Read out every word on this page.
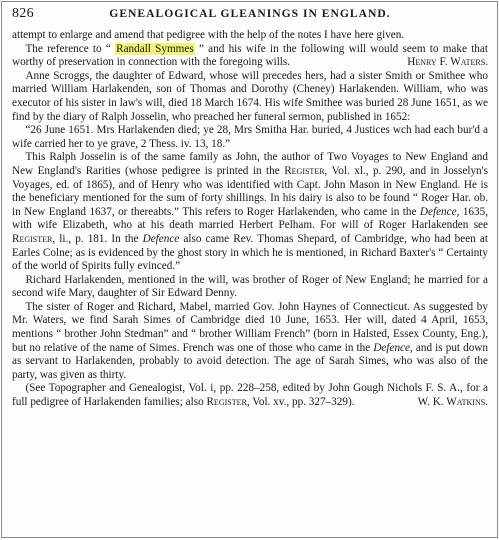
826	GENEALOGICAL GLEANINGS IN ENGLAND.

attempt to enlarge and amend that pedigree with the help of the notes I have here given.

The reference to “ Randall Symmes ” and his wife in the following will would seem to make that worthy of preservation in connection with the foregoing wills.	Henry F. Waters.

Anne Scroggs, the daughter of Edward, whose will precedes hers, had a sister Smith or Smithee who married William Harlakenden, son of Thomas and Dorothy (Cheney) Harlakenden. William, who was executor of his sister in law's will, died 18 March 1674. His wife Smithee was buried 28 June 1651, as we find by the diary of Ralph Josselin, who preached her funeral sermon, published in 1652:

“26 June 1651. Mrs Harlakenden died; ye 28, Mrs Smitha Har. buried, 4 Justices wch had each bur'd a wife carried her to ye grave, 2 Thess. iv. 13, 18.”

This Ralph Josselin is of the same family as John, the author of Two Voyages to New England and New England's Rarities (whose pedigree is printed in the Register, Vol. xl., p. 290, and in Josselyn's Voyages, ed. of 1865), and of Henry who was identified with Capt. John Mason in New England. He is the beneficiary mentioned for the sum of forty shillings. In his dairy is also to be found “ Roger Har. ob. in New England 1637, or thereabts.” This refers to Roger Harlakenden, who came in the Defence, 1635, with wife Elizabeth, who at his death married Herbert Pelham. For will of Roger Harlakenden see Register, li., p. 181. In the Defence also came Rev. Thomas Shepard, of Cambridge, who had been at Earles Colne; as is evidenced by the ghost story in which he is mentioned, in Richard Baxter's “ Certainty of the world of Spirits fully evinced.”

Richard Harlakenden, mentioned in the will, was brother of Roger of New England; he married for a second wife Mary, daughter of Sir Edward Denny.

The sister of Roger and Richard, Mabel, married Gov. John Haynes of Connecticut. As suggested by Mr. Waters, we find Sarah Simes of Cambridge died 10 June, 1653. Her will, dated 4 April, 1653, mentions “ brother John Stedman” and “ brother William French” (born in Halsted, Essex County, Eng.), but no relative of the name of Simes. French was one of those who came in the Defence, and is put down as servant to Harlakenden, probably to avoid detection. The age of Sarah Simes, who was also of the party, was given as thirty.

(See Topographer and Genealogist, Vol. i, pp. 228–258, edited by John Gough Nichols F. S. A., for a full pedigree of Harlakenden families; also Register, Vol. xv., pp. 327–329).	W. K. Watkins.
